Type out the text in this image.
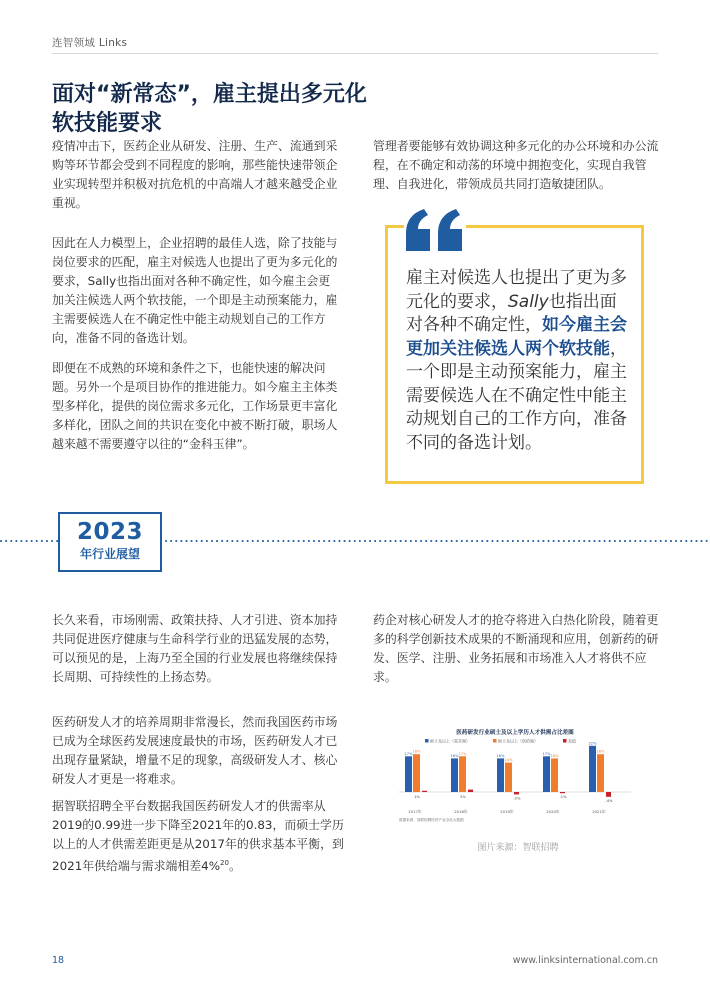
连智领域 Links
面对“新常态”，雇主提出多元化软技能要求
疫情冲击下，医药企业从研发、注册、生产、流通到采购等环节都会受到不同程度的影响，那些能快速带领企业实现转型并积极对抗危机的中高端人才越来越受企业重视。
因此在人力模型上，企业招聘的最佳人选，除了技能与岗位要求的匹配，雇主对候选人也提出了更为多元化的要求，Sally也指出面对各种不确定性，如今雇主会更加关注候选人两个软技能，一个即是主动预案能力，雇主需要候选人在不确定性中能主动规划自己的工作方向，准备不同的备选计划。
即便在不成熟的环境和条件之下，也能快速的解决问题。另外一个是项目协作的推进能力。如今雇主主体类型多样化，提供的岗位需求多元化，工作场景更丰富化多样化，团队之间的共识在变化中被不断打破，职场人越来越不需要遵守以往的“金科玉律”。
管理者要能够有效协调这种多元化的办公环境和办公流程，在不确定和动荡的环境中拥抱变化，实现自我管理、自我进化，带领成员共同打造敏捷团队。
雇主对候选人也提出了更为多元化的要求，Sally也指出面对各种不确定性，如今雇主会更加关注候选人两个软技能，一个即是主动预案能力，雇主需要候选人在不确定性中能主动规划自己的工作方向，准备不同的备选计划。
2023
年行业展望
长久来看，市场刚需、政策扶持、人才引进、资本加持共同促进医疗健康与生命科学行业的迅猛发展的态势，可以预见的是，上海乃至全国的行业发展也将继续保持长周期、可持续性的上扬态势。
医药研发人才的培养周期非常漫长，然而我国医药市场已成为全球医药发展速度最快的市场，医药研发人才已出现存量紧缺，增量不足的现象，高级研发人才、核心研发人才更是一将难求。
据智联招聘全平台数据我国医药研发人才的供需率从2019的0.99进一步下降至2021年的0.83，而硕士学历以上的人才供需差距更是从2017年的供求基本平衡，到2021年供给端与需求端相差4%$^{20}$。
药企对核心研发人才的抢夺将进入白热化阶段，随着更多的科学创新技术成果的不断涌现和应用，创新药的研发、医学、注册、业务拓展和市场准入人才将供不应求。
医药研发行业硕士及以上学历人才供需占比差图
硕士及以上（需求端）	硕士及以上（供给端）	差值
17%
18%
1%
2017年
16%
17%
2%
2018年
16%
14%
-2%
2019年
17%
16%
-1%
2020年
22%
18%
-4%
2021年
数据来源：智联招聘医药产业全站大数据
图片来源：智联招聘
18	www.linksinternational.com.cn
